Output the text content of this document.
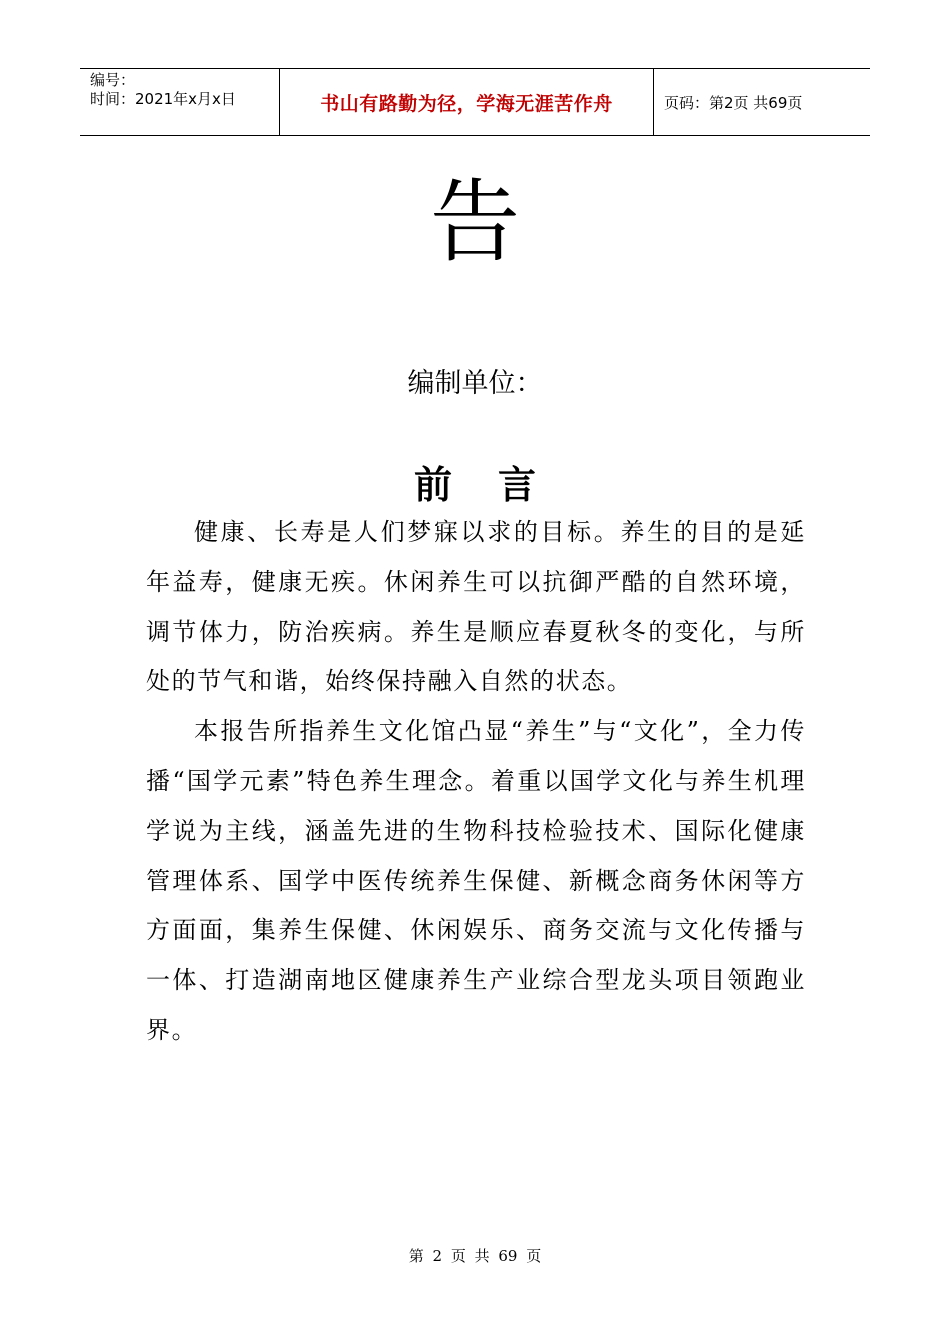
编号：
时间：2021年x月x日	书山有路勤为径，学海无涯苦作舟	页码：第2页 共69页
告
编制单位：
前 言

健康、长寿是人们梦寐以求的目标。养生的目的是延年益寿，健康无疾。休闲养生可以抗御严酷的自然环境，调节体力，防治疾病。养生是顺应春夏秋冬的变化，与所处的节气和谐，始终保持融入自然的状态。

本报告所指养生文化馆凸显“养生”与“文化”，全力传播“国学元素”特色养生理念。着重以国学文化与养生机理学说为主线，涵盖先进的生物科技检验技术、国际化健康管理体系、国学中医传统养生保健、新概念商务休闲等方方面面，集养生保健、休闲娱乐、商务交流与文化传播与一体、打造湖南地区健康养生产业综合型龙头项目领跑业界。

第 2 页 共 69 页
